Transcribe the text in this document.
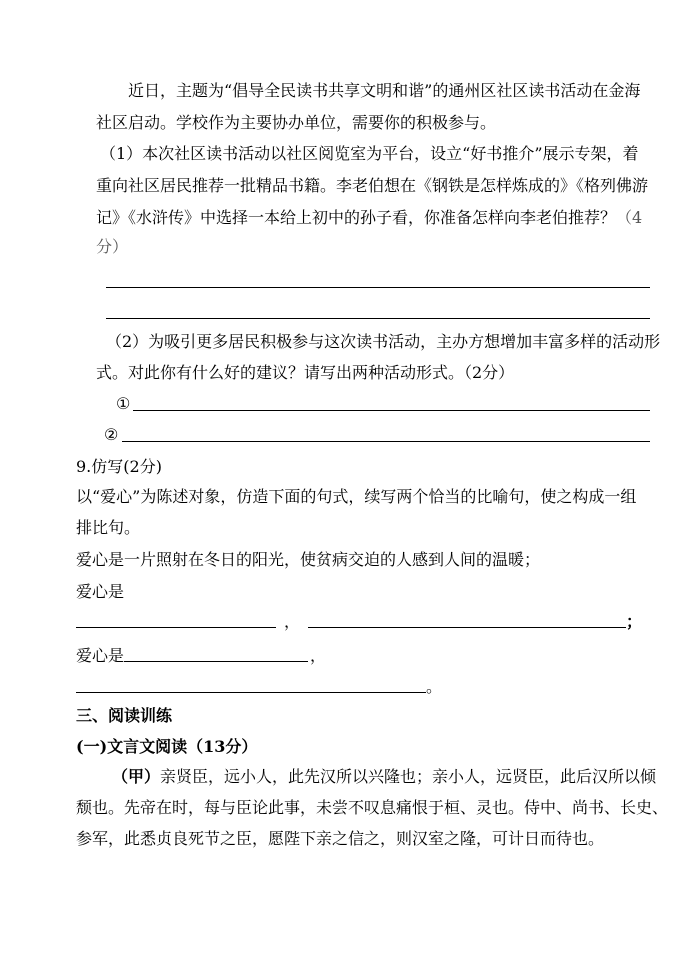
近日，主题为“倡导全民读书共享文明和谐”的通州区社区读书活动在金海
社区启动。学校作为主要协办单位，需要你的积极参与。
（1）本次社区读书活动以社区阅览室为平台，设立“好书推介”展示专架，着
重向社区居民推荐一批精品书籍。李老伯想在《钢铁是怎样炼成的》《格列佛游
记》《水浒传》中选择一本给上初中的孙子看，你准备怎样向李老伯推荐？（4
分）
（2）为吸引更多居民积极参与这次读书活动，主办方想增加丰富多样的活动形
式。对此你有什么好的建议？请写出两种活动形式。（2分）
①
②
9.仿写(2分)
以“爱心”为陈述对象，仿造下面的句式，续写两个恰当的比喻句，使之构成一组
排比句。
爱心是一片照射在冬日的阳光，使贫病交迫的人感到人间的温暖；
爱心是
，	；
爱心是	，
。
三、阅读训练
(一)文言文阅读（13分）
（甲）亲贤臣，远小人，此先汉所以兴隆也；亲小人，远贤臣，此后汉所以倾
颓也。先帝在时，每与臣论此事，未尝不叹息痛恨于桓、灵也。侍中、尚书、长史、
参军，此悉贞良死节之臣，愿陛下亲之信之，则汉室之隆，可计日而待也。
